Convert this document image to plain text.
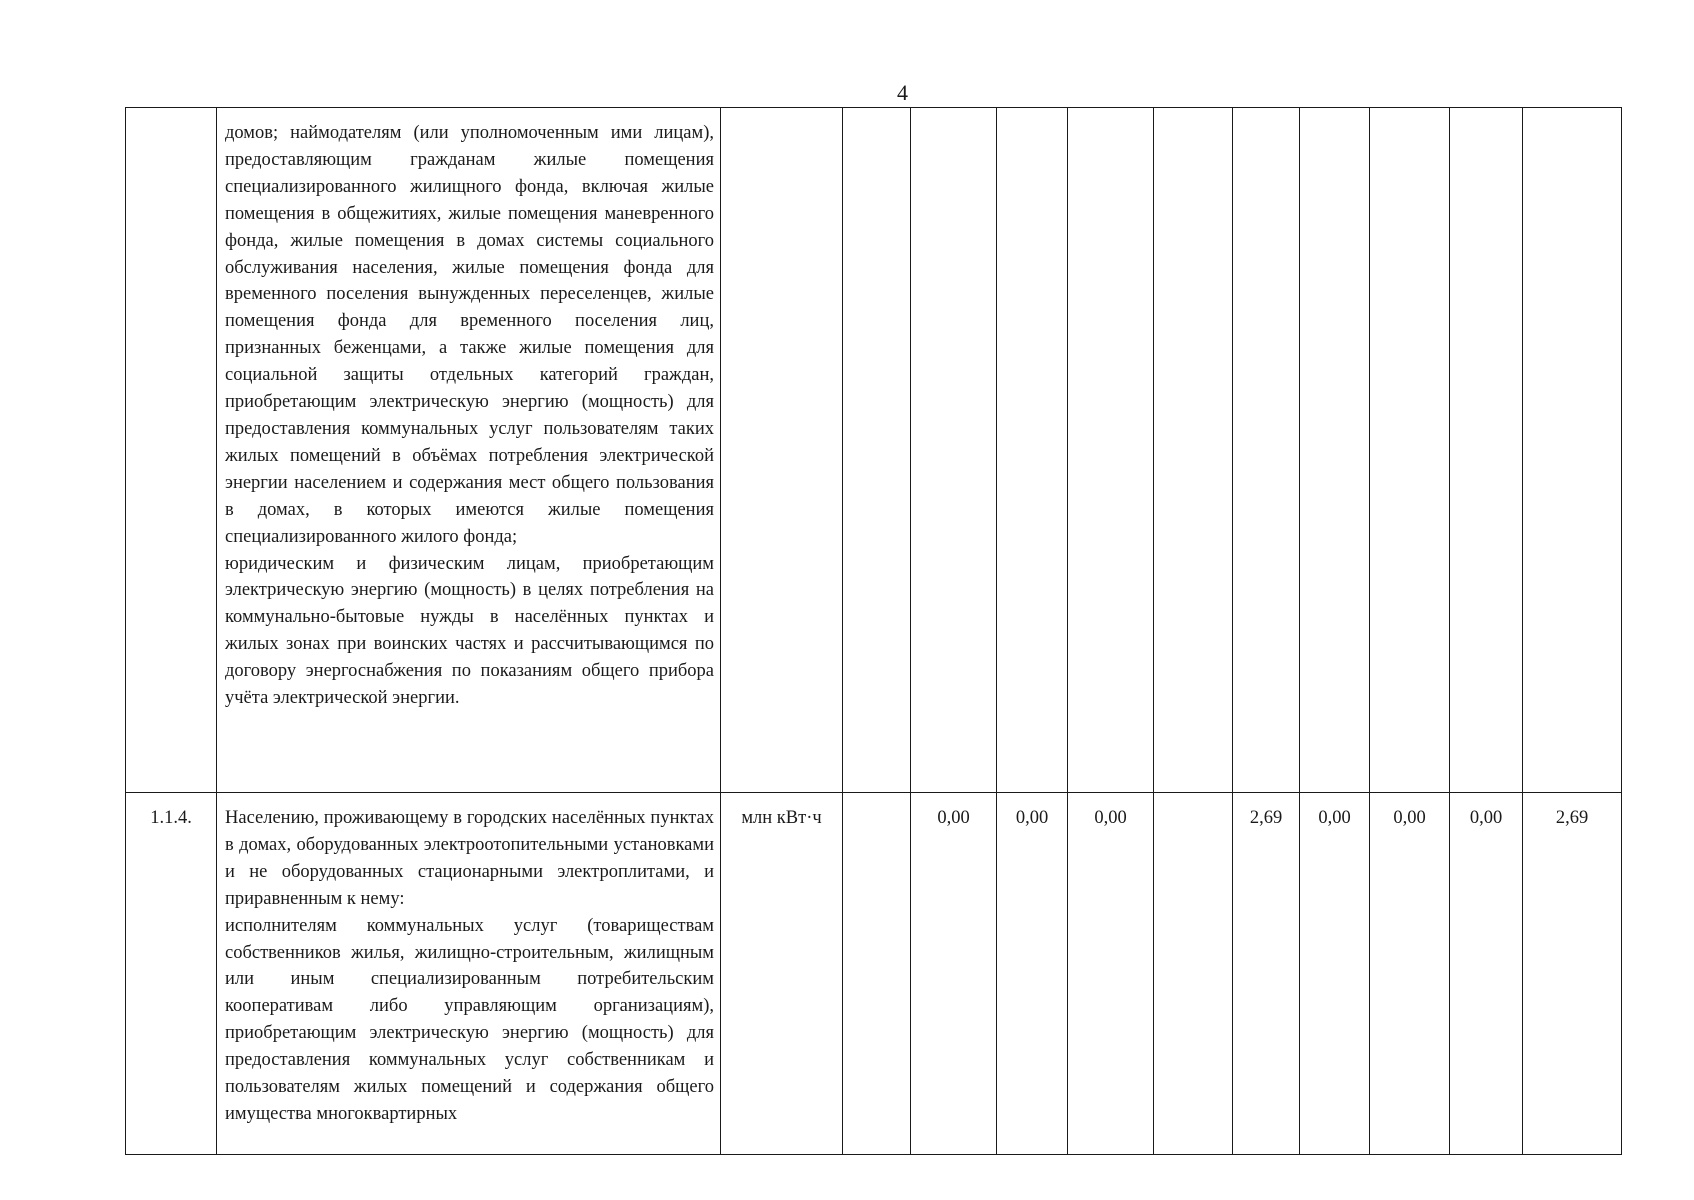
4

	домов; наймодателям (или уполномоченным ими лицам), предоставляющим гражданам жилые помещения специализированного жилищного фонда, включая жилые помещения в общежитиях, жилые помещения маневренного фонда, жилые помещения в домах системы социального обслуживания населения, жилые помещения фонда для временного поселения вынужденных переселенцев, жилые помещения фонда для временного поселения лиц, признанных беженцами, а также жилые помещения для социальной защиты отдельных категорий граждан, приобретающим электрическую энергию (мощность) для предоставления коммунальных услуг пользователям таких жилых помещений в объёмах потребления электрической энергии населением и содержания мест общего пользования в домах, в которых имеются жилые помещения специализированного жилого фонда;

юридическим и физическим лицам, приобретающим электрическую энергию (мощность) в целях потребления на коммунально-бытовые нужды в населённых пунктах и жилых зонах при воинских частях и рассчитывающимся по договору энергоснабжения по показаниям общего прибора учёта электрической энергии.											

1.1.4.	Населению, проживающему в городских населённых пунктах в домах, оборудованных электроотопительными установками и не оборудованных стационарными электроплитами, и приравненным к нему:

исполнителям коммунальных услуг (товариществам собственников жилья, жилищно-строительным, жилищным или иным специализированным потребительским кооперативам либо управляющим организациям), приобретающим электрическую энергию (мощность) для предоставления коммунальных услуг собственникам и пользователям жилых помещений и содержания общего имущества многоквартирных	млн кВт·ч		0,00	0,00	0,00		2,69	0,00	0,00	0,00	2,69
